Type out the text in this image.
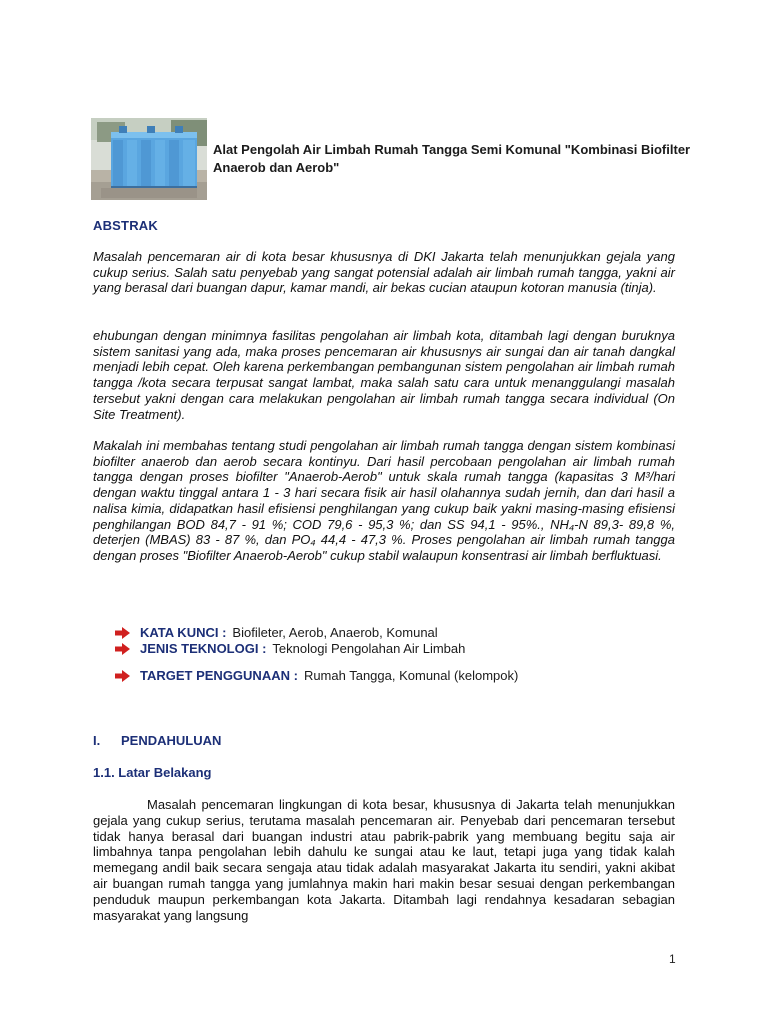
Alat Pengolah Air Limbah Rumah Tangga Semi Komunal "Kombinasi Biofilter Anaerob dan Aerob"
ABSTRAK

Masalah pencemaran air di kota besar khususnya di DKI Jakarta telah menunjukkan gejala yang cukup serius. Salah satu penyebab yang sangat potensial adalah air limbah rumah tangga, yakni air yang berasal dari buangan dapur, kamar mandi, air bekas cucian ataupun kotoran manusia (tinja).

ehubungan dengan minimnya fasilitas pengolahan air limbah kota, ditambah lagi dengan buruknya sistem sanitasi yang ada, maka proses pencemaran air khususnys air sungai dan air tanah dangkal menjadi lebih cepat. Oleh karena perkembangan pembangunan sistem pengolahan air limbah rumah tangga /kota secara terpusat sangat lambat, maka salah satu cara untuk menanggulangi masalah tersebut yakni dengan cara melakukan pengolahan air limbah rumah tangga secara individual (On Site Treatment).

Makalah ini membahas tentang studi pengolahan air limbah rumah tangga dengan sistem kombinasi biofilter anaerob dan aerob secara kontinyu. Dari hasil percobaan pengolahan air limbah rumah tangga dengan proses biofilter "Anaerob-Aerob" untuk skala rumah tangga (kapasitas 3 M³/hari dengan waktu tinggal antara 1 - 3 hari secara fisik air hasil olahannya sudah jernih, dan dari hasil a nalisa kimia, didapatkan hasil efisiensi penghilangan yang cukup baik yakni masing-masing efisiensi penghilangan BOD 84,7 - 91 %; COD 79,6 - 95,3 %; dan SS 94,1 - 95%., NH₄-N 89,3- 89,8 %, deterjen (MBAS) 83 - 87 %, dan PO₄ 44,4 - 47,3 %. Proses pengolahan air limbah rumah tangga dengan proses "Biofilter Anaerob-Aerob" cukup stabil walaupun konsentrasi air limbah berfluktuasi.

KATA KUNCI : Biofileter, Aerob, Anaerob, Komunal
JENIS TEKNOLOGI : Teknologi Pengolahan Air Limbah
TARGET PENGGUNAAN : Rumah Tangga, Komunal (kelompok)
I.	PENDAHULUAN
1.1. Latar Belakang

Masalah pencemaran lingkungan di kota besar, khususnya di Jakarta telah menunjukkan gejala yang cukup serius, terutama masalah pencemaran air. Penyebab dari pencemaran tersebut tidak hanya berasal dari buangan industri atau pabrik-pabrik yang membuang begitu saja air limbahnya tanpa pengolahan lebih dahulu ke sungai atau ke laut, tetapi juga yang tidak kalah memegang andil baik secara sengaja atau tidak adalah masyarakat Jakarta itu sendiri, yakni akibat air buangan rumah tangga yang jumlahnya makin hari makin besar sesuai dengan perkembangan penduduk maupun perkembangan kota Jakarta. Ditambah lagi rendahnya kesadaran sebagian masyarakat yang langsung

1
